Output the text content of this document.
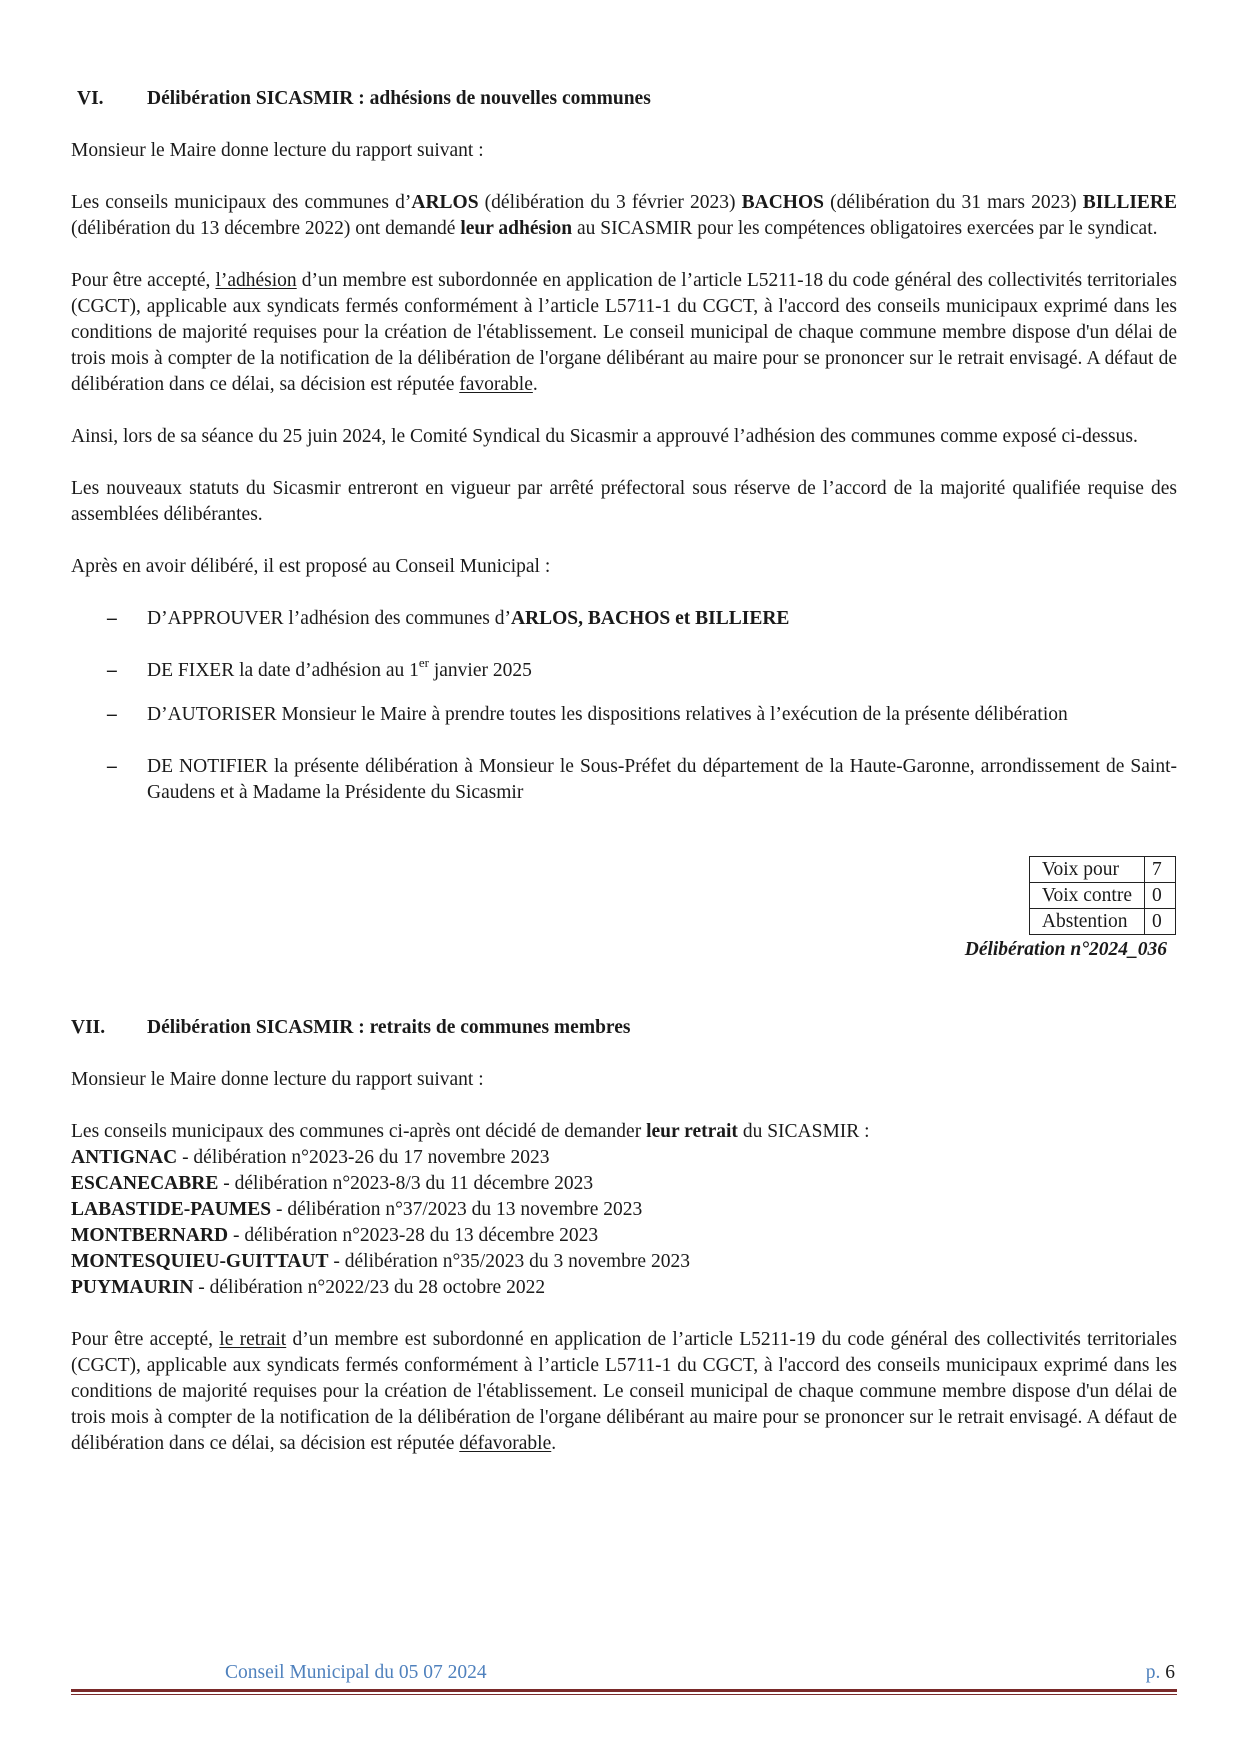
VI.	Délibération SICASMIR : adhésions de nouvelles communes

Monsieur le Maire donne lecture du rapport suivant :

Les conseils municipaux des communes d’ARLOS (délibération du 3 février 2023) BACHOS (délibération du 31 mars 2023) BILLIERE (délibération du 13 décembre 2022) ont demandé leur adhésion au SICASMIR pour les compétences obligatoires exercées par le syndicat.

Pour être accepté, l’adhésion d’un membre est subordonnée en application de l’article L5211-18 du code général des collectivités territoriales (CGCT), applicable aux syndicats fermés conformément à l’article L5711-1 du CGCT, à l'accord des conseils municipaux exprimé dans les conditions de majorité requises pour la création de l'établissement. Le conseil municipal de chaque commune membre dispose d'un délai de trois mois à compter de la notification de la délibération de l'organe délibérant au maire pour se prononcer sur le retrait envisagé. A défaut de délibération dans ce délai, sa décision est réputée favorable.

Ainsi, lors de sa séance du 25 juin 2024, le Comité Syndical du Sicasmir a approuvé l’adhésion des communes comme exposé ci-dessus.

Les nouveaux statuts du Sicasmir entreront en vigueur par arrêté préfectoral sous réserve de l’accord de la majorité qualifiée requise des assemblées délibérantes.

Après en avoir délibéré, il est proposé au Conseil Municipal :

– D’APPROUVER l’adhésion des communes d’ARLOS, BACHOS et BILLIERE
– DE FIXER la date d’adhésion au 1er janvier 2025
– D’AUTORISER Monsieur le Maire à prendre toutes les dispositions relatives à l’exécution de la présente délibération
– DE NOTIFIER la présente délibération à Monsieur le Sous-Préfet du département de la Haute-Garonne, arrondissement de Saint-Gaudens et à Madame la Présidente du Sicasmir
Voix pour	7
Voix contre	0
Abstention	0
Délibération n°2024_036
VII.	Délibération SICASMIR : retraits de communes membres

Monsieur le Maire donne lecture du rapport suivant :

Les conseils municipaux des communes ci-après ont décidé de demander leur retrait du SICASMIR :

ANTIGNAC - délibération n°2023-26 du 17 novembre 2023
ESCANECABRE - délibération n°2023-8/3 du 11 décembre 2023
LABASTIDE-PAUMES - délibération n°37/2023 du 13 novembre 2023
MONTBERNARD - délibération n°2023-28 du 13 décembre 2023
MONTESQUIEU-GUITTAUT - délibération n°35/2023 du 3 novembre 2023
PUYMAURIN - délibération n°2022/23 du 28 octobre 2022

Pour être accepté, le retrait d’un membre est subordonné en application de l’article L5211-19 du code général des collectivités territoriales (CGCT), applicable aux syndicats fermés conformément à l’article L5711-1 du CGCT, à l'accord des conseils municipaux exprimé dans les conditions de majorité requises pour la création de l'établissement. Le conseil municipal de chaque commune membre dispose d'un délai de trois mois à compter de la notification de la délibération de l'organe délibérant au maire pour se prononcer sur le retrait envisagé. A défaut de délibération dans ce délai, sa décision est réputée défavorable.

Conseil Municipal du 05 07 2024	p. 6
